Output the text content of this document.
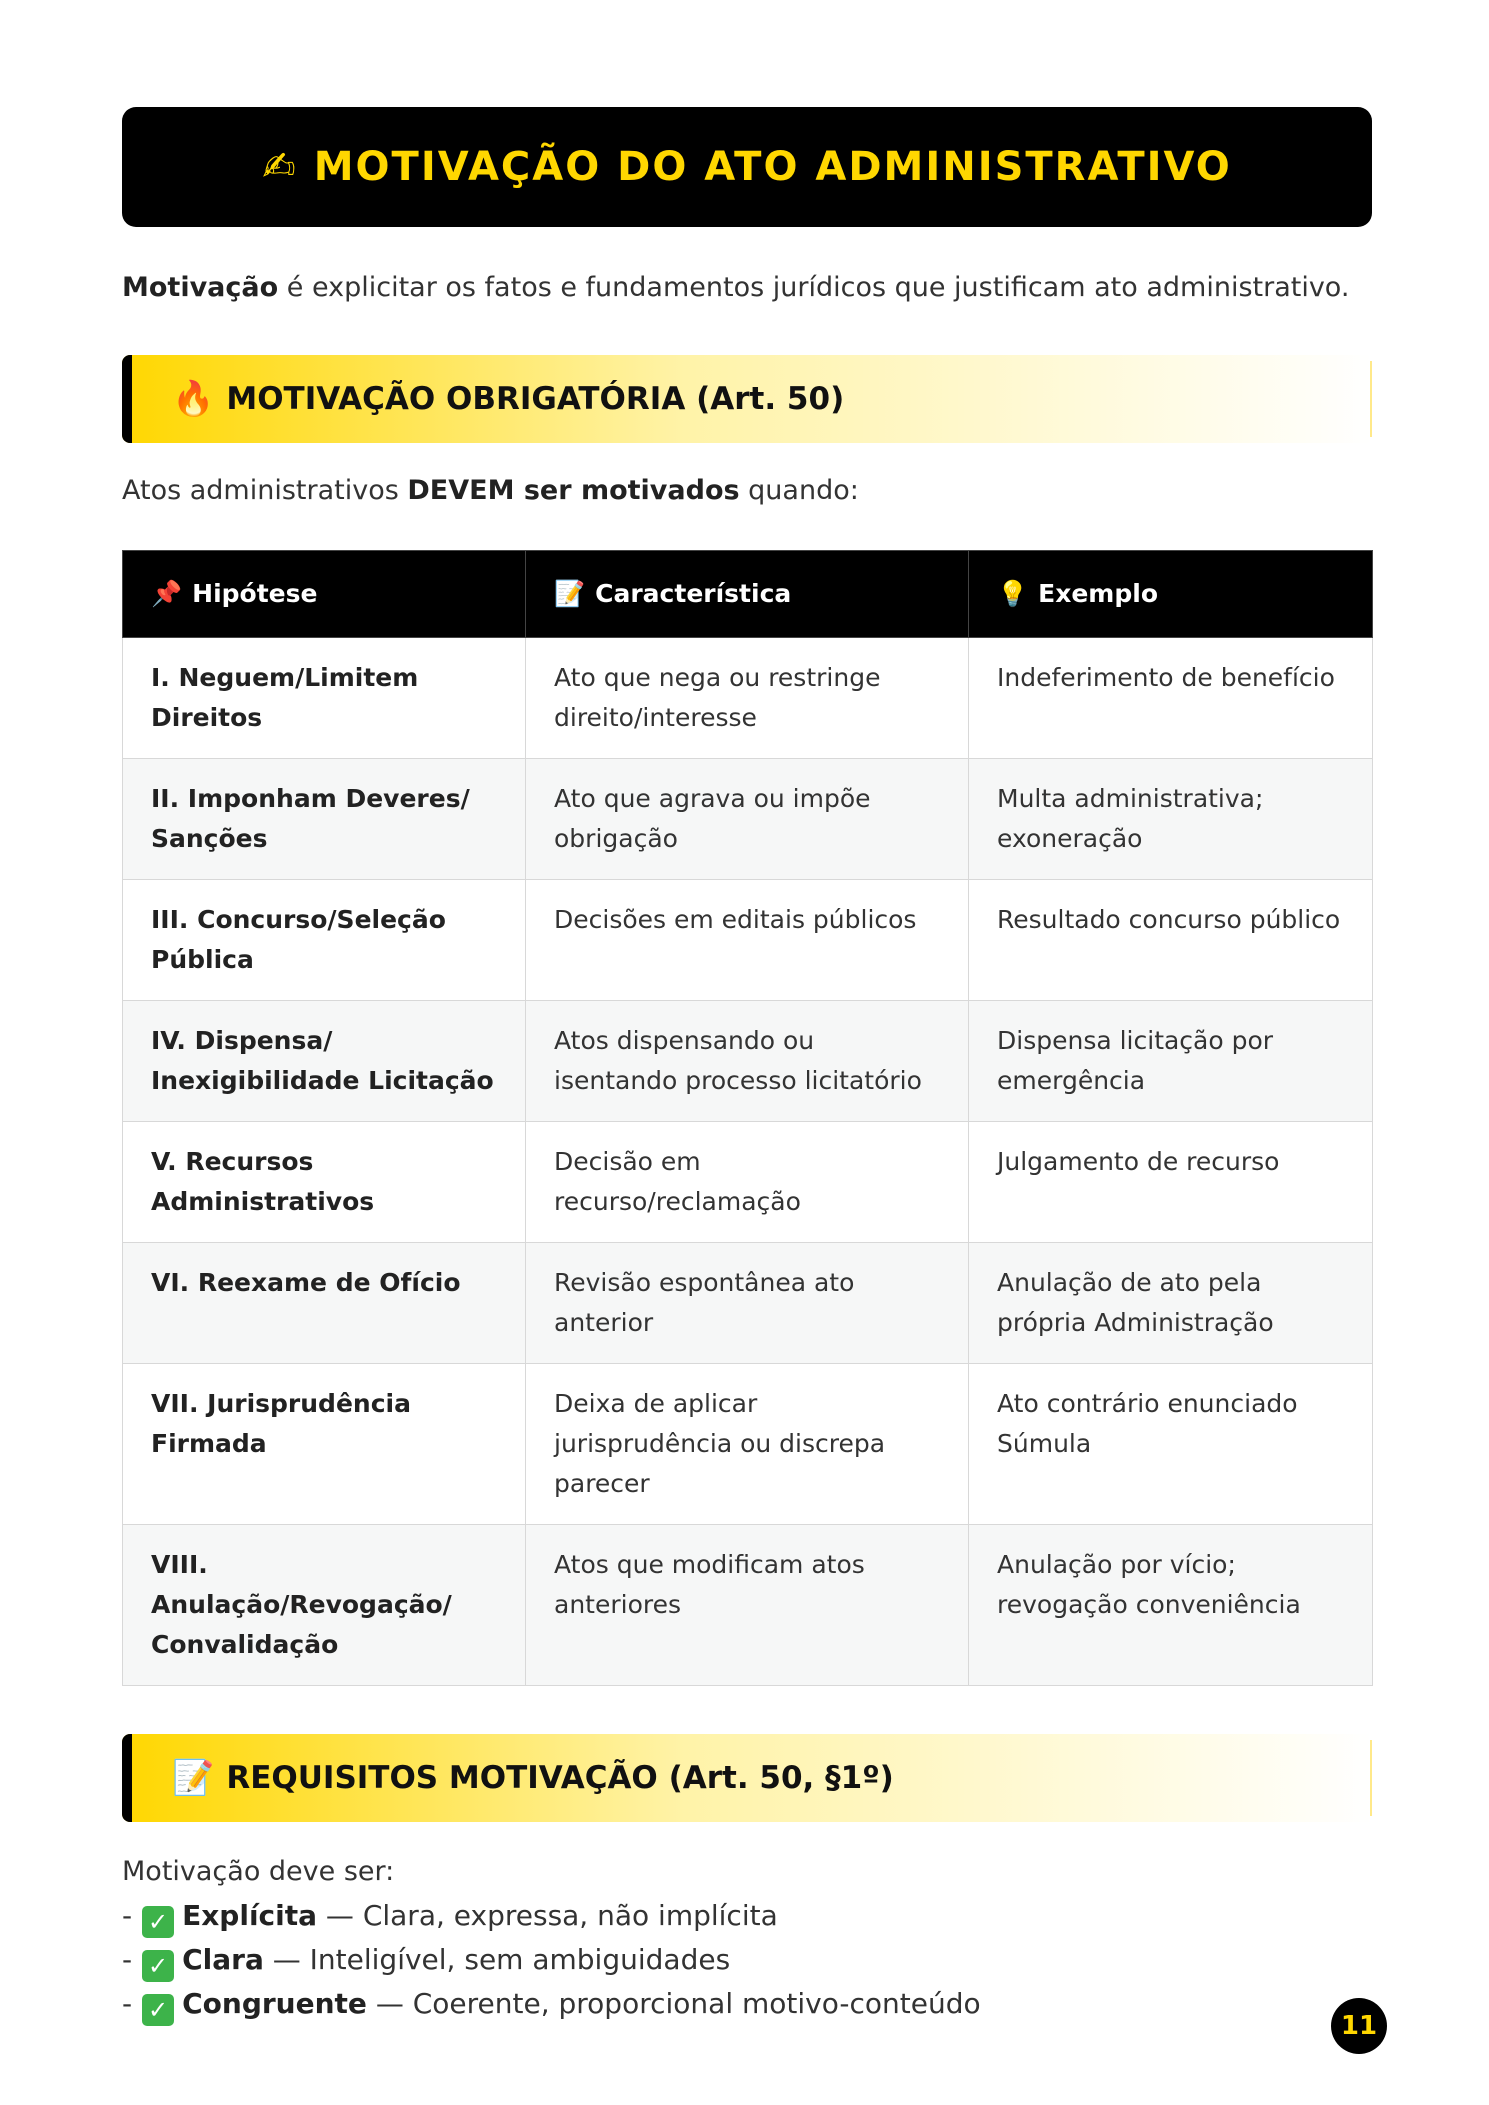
✍ MOTIVAÇÃO DO ATO ADMINISTRATIVO

Motivação é explicitar os fatos e fundamentos jurídicos que justificam ato administrativo.

🔥 MOTIVAÇÃO OBRIGATÓRIA (Art. 50)

Atos administrativos DEVEM ser motivados quando:

📌 Hipótese	📝 Característica	💡 Exemplo
I. Neguem/Limitem Direitos	Ato que nega ou restringe direito/interesse	Indeferimento de benefício
II. Imponham Deveres/ Sanções	Ato que agrava ou impõe obrigação	Multa administrativa; exoneração
III. Concurso/Seleção Pública	Decisões em editais públicos	Resultado concurso público
IV. Dispensa/ Inexigibilidade Licitação	Atos dispensando ou isentando processo licitatório	Dispensa licitação por emergência
V. Recursos Administrativos	Decisão em recurso/reclamação	Julgamento de recurso
VI. Reexame de Ofício	Revisão espontânea ato anterior	Anulação de ato pela própria Administração
VII. Jurisprudência Firmada	Deixa de aplicar jurisprudência ou discrepa parecer	Ato contrário enunciado Súmula
VIII. Anulação/Revogação/ Convalidação	Atos que modificam atos anteriores	Anulação por vício; revogação conveniência
📝 REQUISITOS MOTIVAÇÃO (Art. 50, §1º)
Motivação deve ser:
- ✓ Explícita — Clara, expressa, não implícita
- ✓ Clara — Inteligível, sem ambiguidades
- ✓ Congruente — Coerente, proporcional motivo-conteúdo
11
